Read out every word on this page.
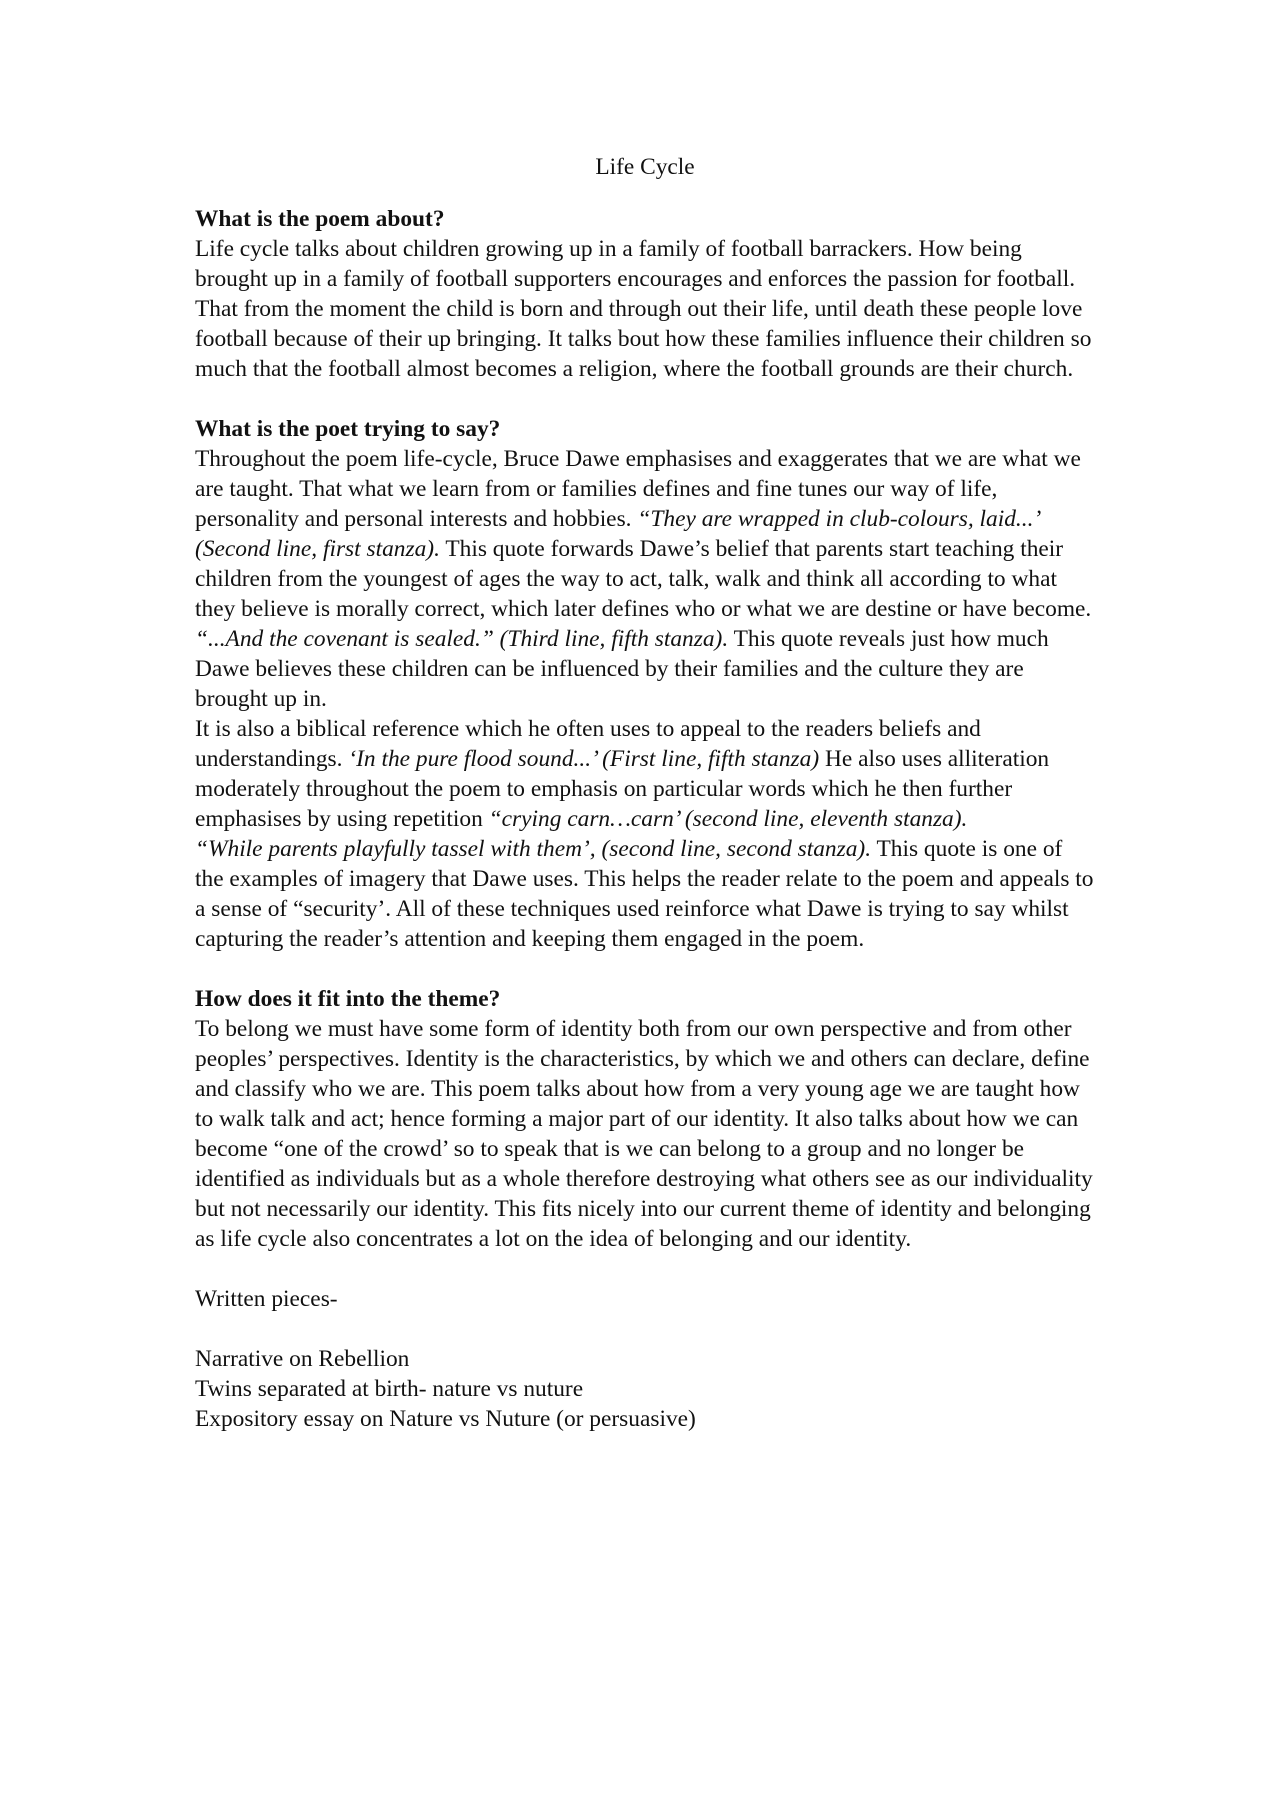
Life Cycle

What is the poem about?

Life cycle talks about children growing up in a family of football barrackers. How being brought up in a family of football supporters encourages and enforces the passion for football. That from the moment the child is born and through out their life, until death these people love football because of their up bringing. It talks bout how these families influence their children so much that the football almost becomes a religion, where the football grounds are their church.

What is the poet trying to say?

Throughout the poem life-cycle, Bruce Dawe emphasises and exaggerates that we are what we are taught. That what we learn from or families defines and fine tunes our way of life, personality and personal interests and hobbies. “They are wrapped in club-colours, laid...’ (Second line, first stanza). This quote forwards Dawe’s belief that parents start teaching their children from the youngest of ages the way to act, talk, walk and think all according to what they believe is morally correct, which later defines who or what we are destine or have become. “...And the covenant is sealed.” (Third line, fifth stanza). This quote reveals just how much Dawe believes these children can be influenced by their families and the culture they are brought up in.

It is also a biblical reference which he often uses to appeal to the readers beliefs and understandings. ‘In the pure flood sound...’ (First line, fifth stanza) He also uses alliteration moderately throughout the poem to emphasis on particular words which he then further emphasises by using repetition “crying carn…carn’ (second line, eleventh stanza).

“While parents playfully tassel with them’, (second line, second stanza). This quote is one of the examples of imagery that Dawe uses. This helps the reader relate to the poem and appeals to a sense of “security’. All of these techniques used reinforce what Dawe is trying to say whilst capturing the reader’s attention and keeping them engaged in the poem.

How does it fit into the theme?

To belong we must have some form of identity both from our own perspective and from other peoples’ perspectives. Identity is the characteristics, by which we and others can declare, define and classify who we are. This poem talks about how from a very young age we are taught how to walk talk and act; hence forming a major part of our identity. It also talks about how we can become “one of the crowd’ so to speak that is we can belong to a group and no longer be identified as individuals but as a whole therefore destroying what others see as our individuality but not necessarily our identity. This fits nicely into our current theme of identity and belonging as life cycle also concentrates a lot on the idea of belonging and our identity.

Written pieces-

Narrative on Rebellion

Twins separated at birth- nature vs nuture

Expository essay on Nature vs Nuture (or persuasive)
